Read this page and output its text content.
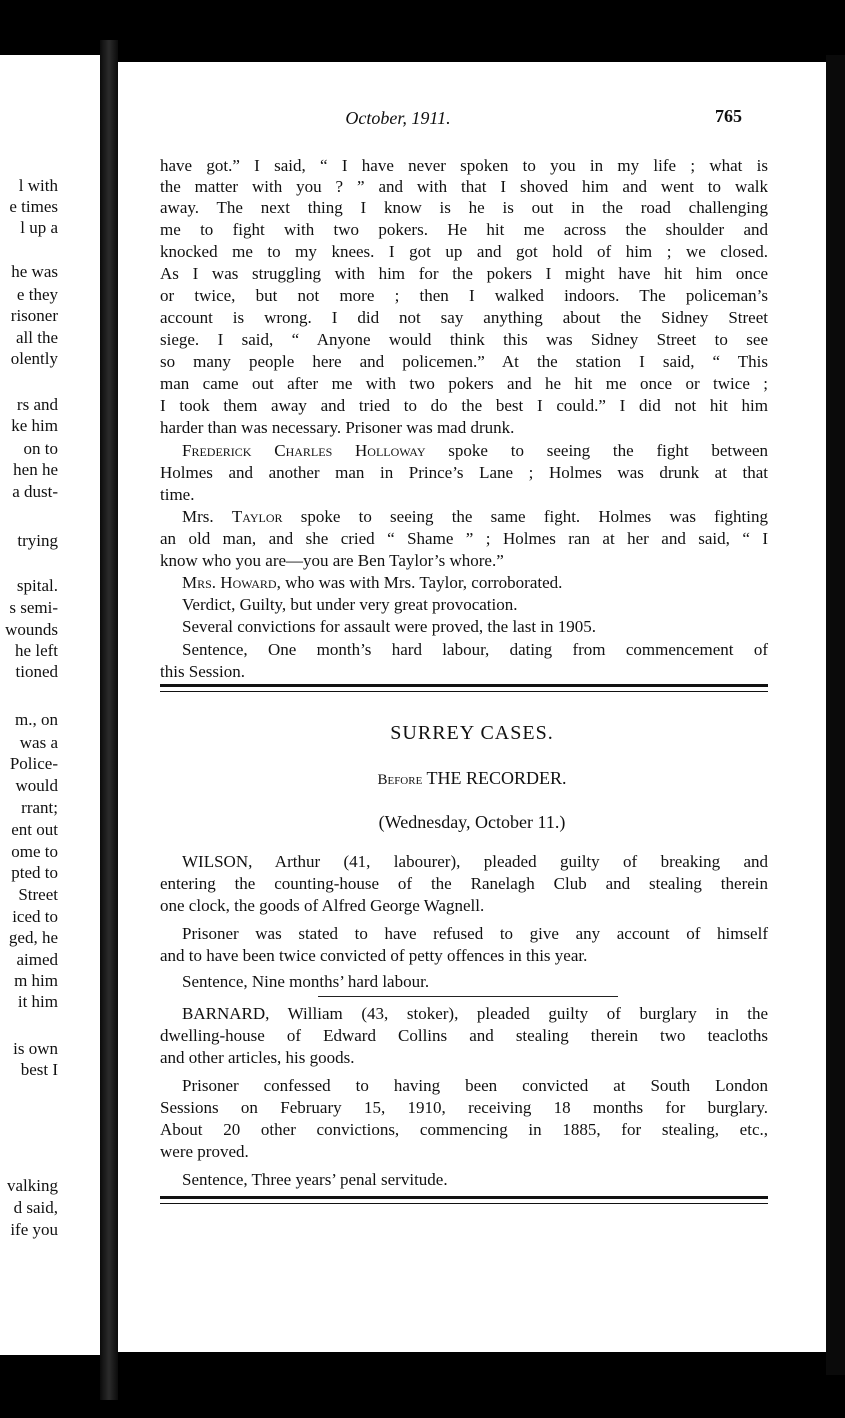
l with
e times
l up a
he was
e they
risoner
all the
olently
rs and
ke him
on to
hen he
a dust-
trying
spital.
s semi-
wounds
he left
tioned
m., on
was a
Police-
would
rrant;
ent out
ome to
pted to
Street
iced to
ged, he
aimed
m him
it him
is own
best I
valking
d said,
ife you
October, 1911.	765
have got.” I said, “ I have never spoken to you in my life ; what is
the matter with you ? ” and with that I shoved him and went to walk
away. The next thing I know is he is out in the road challenging
me to fight with two pokers. He hit me across the shoulder and
knocked me to my knees. I got up and got hold of him ; we closed.
As I was struggling with him for the pokers I might have hit him once
or twice, but not more ; then I walked indoors. The policeman’s
account is wrong. I did not say anything about the Sidney Street
siege. I said, “ Anyone would think this was Sidney Street to see
so many people here and policemen.” At the station I said, “ This
man came out after me with two pokers and he hit me once or twice ;
I took them away and tried to do the best I could.” I did not hit him
harder than was necessary. Prisoner was mad drunk.
Frederick Charles Holloway spoke to seeing the fight between
Holmes and another man in Prince’s Lane ; Holmes was drunk at that
time.
Mrs. Taylor spoke to seeing the same fight. Holmes was fighting
an old man, and she cried “ Shame ” ; Holmes ran at her and said, “ I
know who you are—you are Ben Taylor’s whore.”
Mrs. Howard, who was with Mrs. Taylor, corroborated.
Verdict, Guilty, but under very great provocation.
Several convictions for assault were proved, the last in 1905.
Sentence, One month’s hard labour, dating from commencement of
this Session.
SURREY CASES.
Before THE RECORDER.
(Wednesday, October 11.)
WILSON, Arthur (41, labourer), pleaded guilty of breaking and
entering the counting-house of the Ranelagh Club and stealing therein
one clock, the goods of Alfred George Wagnell.
Prisoner was stated to have refused to give any account of himself
and to have been twice convicted of petty offences in this year.
Sentence, Nine months’ hard labour.
BARNARD, William (43, stoker), pleaded guilty of burglary in the
dwelling-house of Edward Collins and stealing therein two teacloths
and other articles, his goods.
Prisoner confessed to having been convicted at South London
Sessions on February 15, 1910, receiving 18 months for burglary.
About 20 other convictions, commencing in 1885, for stealing, etc.,
were proved.
Sentence, Three years’ penal servitude.
